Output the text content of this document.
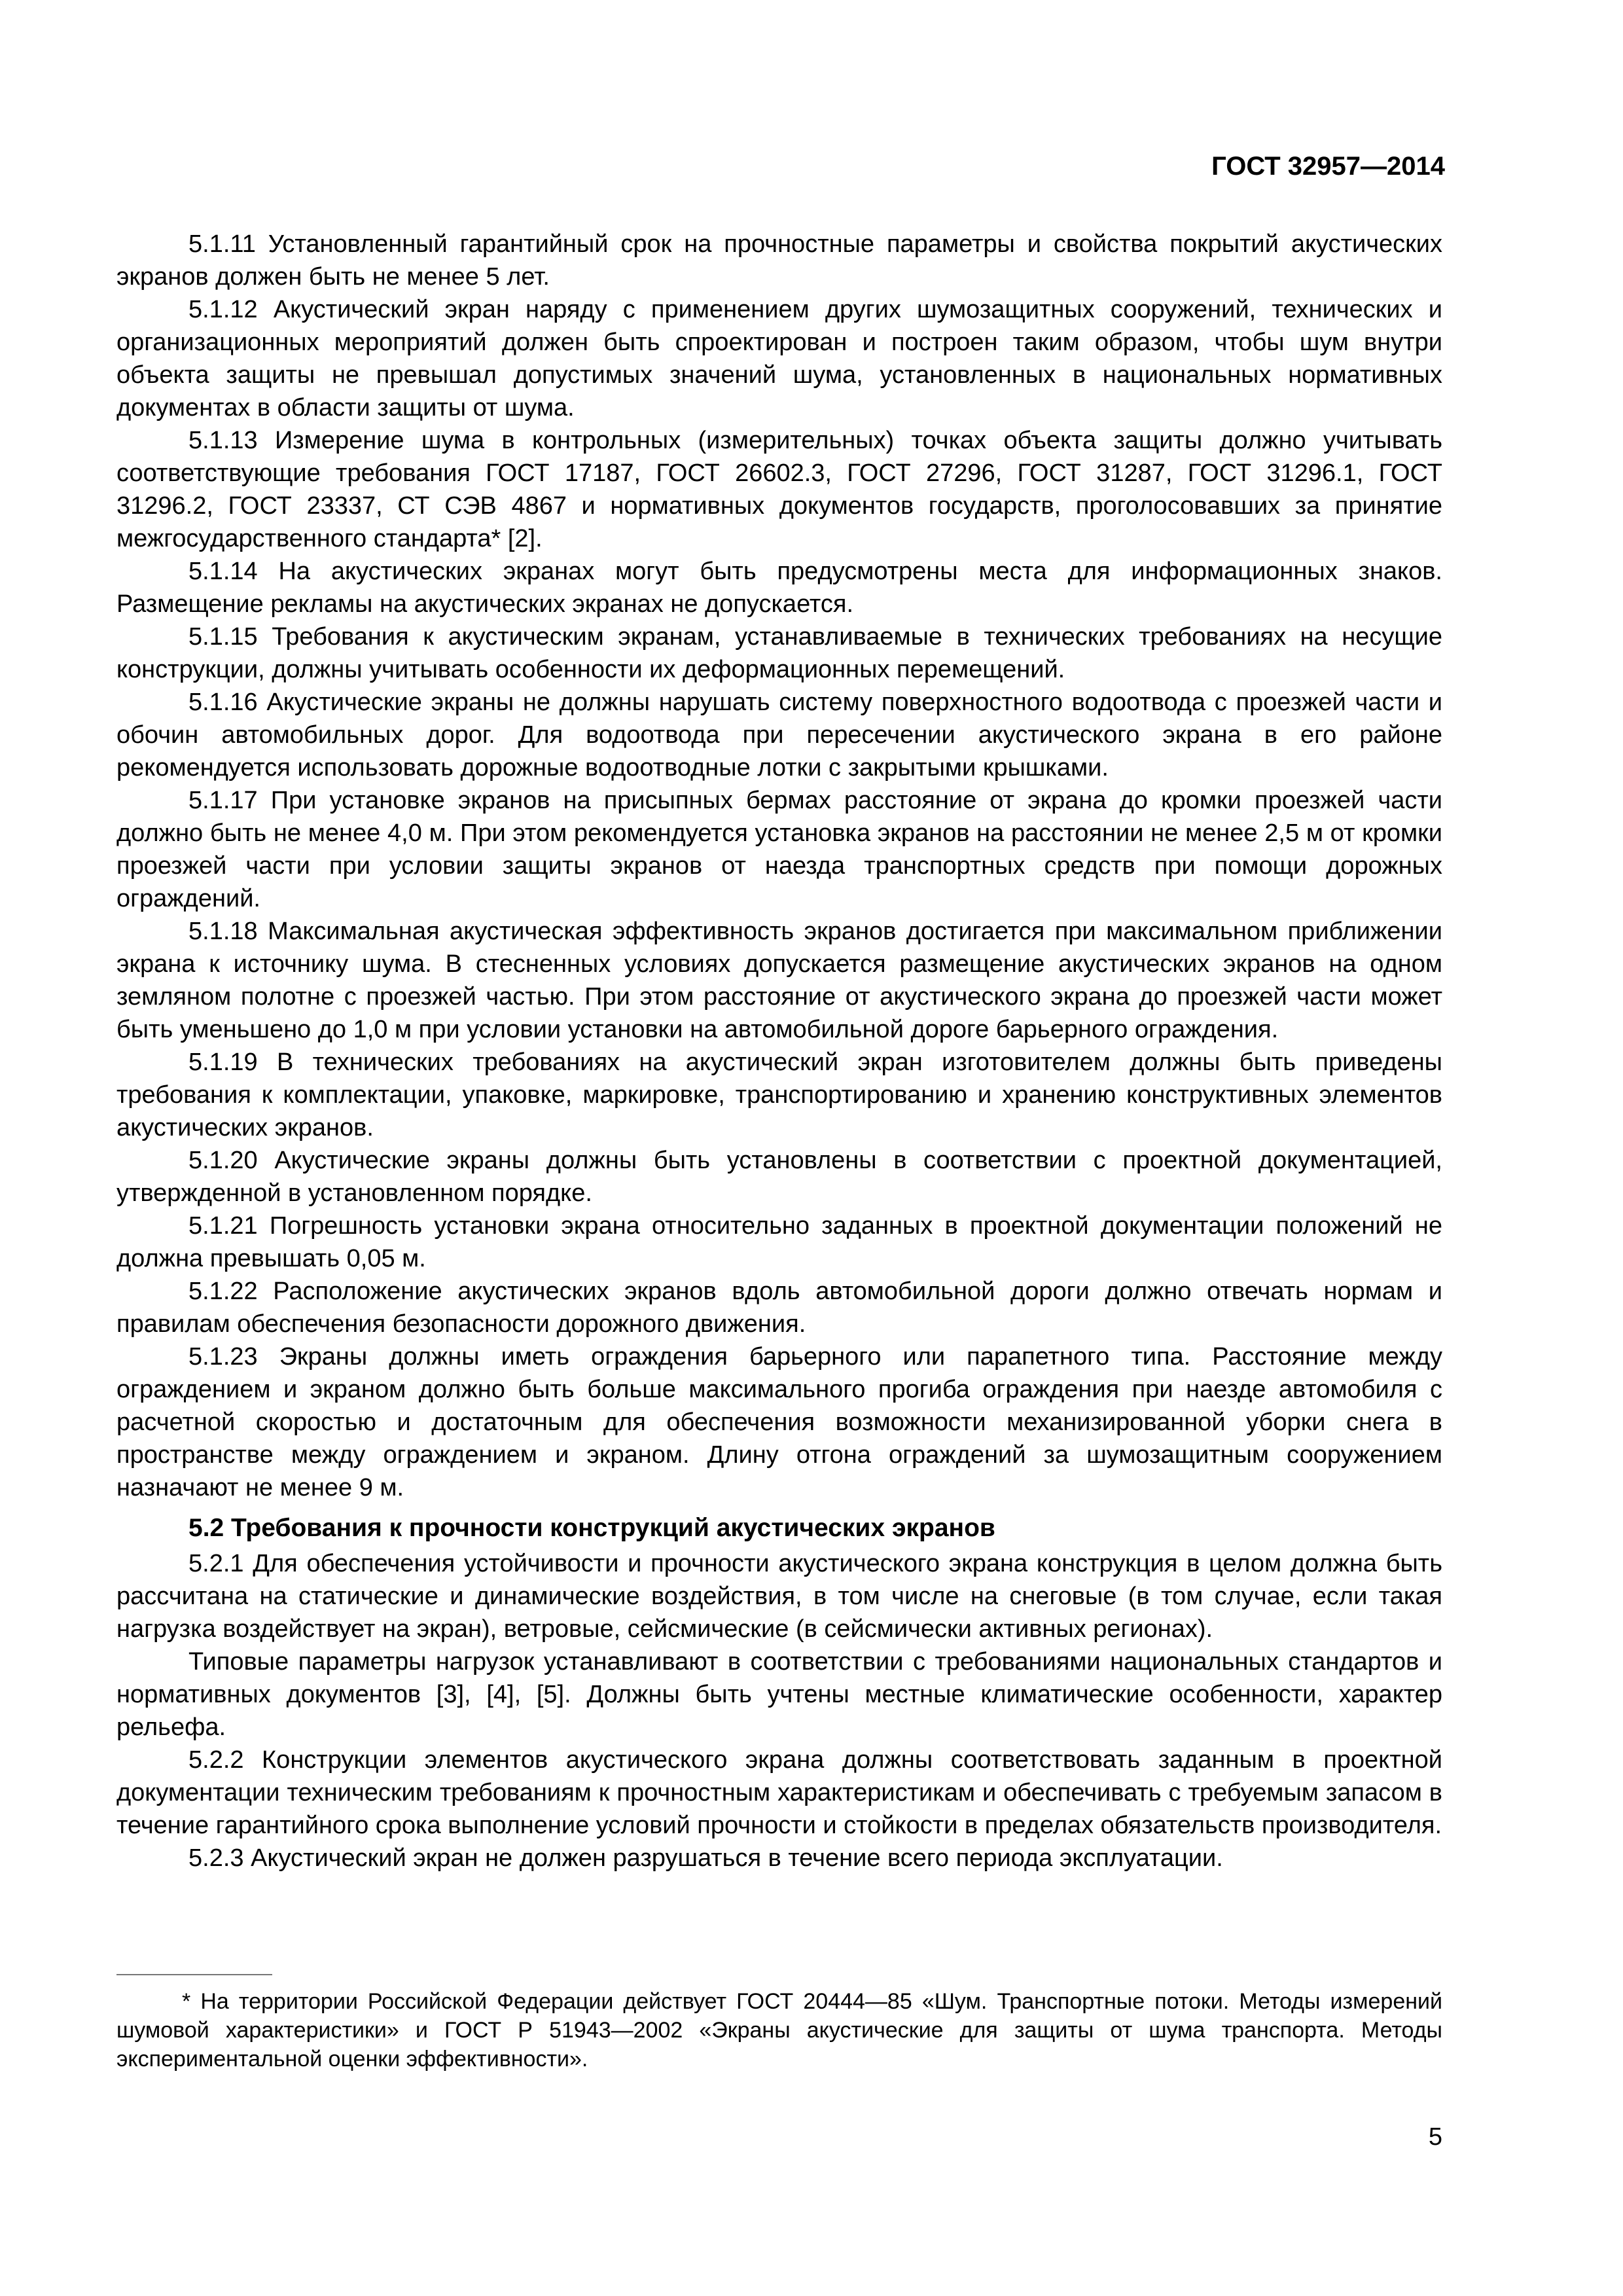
ГОСТ 32957—2014

5.1.11 Установленный гарантийный срок на прочностные параметры и свойства покрытий акустических экранов должен быть не менее 5 лет.

5.1.12 Акустический экран наряду с применением других шумозащитных сооружений, технических и организационных мероприятий должен быть спроектирован и построен таким образом, чтобы шум внутри объекта защиты не превышал допустимых значений шума, установленных в национальных нормативных документах в области защиты от шума.

5.1.13 Измерение шума в контрольных (измерительных) точках объекта защиты должно учитывать соответствующие требования ГОСТ 17187, ГОСТ 26602.3, ГОСТ 27296, ГОСТ 31287, ГОСТ 31296.1, ГОСТ 31296.2, ГОСТ 23337, СТ СЭВ 4867 и нормативных документов государств, проголосовавших за принятие межгосударственного стандарта* [2].

5.1.14 На акустических экранах могут быть предусмотрены места для информационных знаков. Размещение рекламы на акустических экранах не допускается.

5.1.15 Требования к акустическим экранам, устанавливаемые в технических требованиях на несущие конструкции, должны учитывать особенности их деформационных перемещений.

5.1.16 Акустические экраны не должны нарушать систему поверхностного водоотвода с проезжей части и обочин автомобильных дорог. Для водоотвода при пересечении акустического экрана в его районе рекомендуется использовать дорожные водоотводные лотки с закрытыми крышками.

5.1.17 При установке экранов на присыпных бермах расстояние от экрана до кромки проезжей части должно быть не менее 4,0 м. При этом рекомендуется установка экранов на расстоянии не менее 2,5 м от кромки проезжей части при условии защиты экранов от наезда транспортных средств при помощи дорожных ограждений.

5.1.18 Максимальная акустическая эффективность экранов достигается при максимальном приближении экрана к источнику шума. В стесненных условиях допускается размещение акустических экранов на одном земляном полотне с проезжей частью. При этом расстояние от акустического экрана до проезжей части может быть уменьшено до 1,0 м при условии установки на автомобильной дороге барьерного ограждения.

5.1.19 В технических требованиях на акустический экран изготовителем должны быть приведены требования к комплектации, упаковке, маркировке, транспортированию и хранению конструктивных элементов акустических экранов.

5.1.20 Акустические экраны должны быть установлены в соответствии с проектной документацией, утвержденной в установленном порядке.

5.1.21 Погрешность установки экрана относительно заданных в проектной документации положений не должна превышать 0,05 м.

5.1.22 Расположение акустических экранов вдоль автомобильной дороги должно отвечать нормам и правилам обеспечения безопасности дорожного движения.

5.1.23 Экраны должны иметь ограждения барьерного или парапетного типа. Расстояние между ограждением и экраном должно быть больше максимального прогиба ограждения при наезде автомобиля с расчетной скоростью и достаточным для обеспечения возможности механизированной уборки снега в пространстве между ограждением и экраном. Длину отгона ограждений за шумозащитным сооружением назначают не менее 9 м.

5.2 Требования к прочности конструкций акустических экранов

5.2.1 Для обеспечения устойчивости и прочности акустического экрана конструкция в целом должна быть рассчитана на статические и динамические воздействия, в том числе на снеговые (в том случае, если такая нагрузка воздействует на экран), ветровые, сейсмические (в сейсмически активных регионах).

Типовые параметры нагрузок устанавливают в соответствии с требованиями национальных стандартов и нормативных документов [3], [4], [5]. Должны быть учтены местные климатические особенности, характер рельефа.

5.2.2 Конструкции элементов акустического экрана должны соответствовать заданным в проектной документации техническим требованиям к прочностным характеристикам и обеспечивать с требуемым запасом в течение гарантийного срока выполнение условий прочности и стойкости в пределах обязательств производителя.

5.2.3 Акустический экран не должен разрушаться в течение всего периода эксплуатации.

* На территории Российской Федерации действует ГОСТ 20444—85 «Шум. Транспортные потоки. Методы измерений шумовой характеристики» и ГОСТ Р 51943—2002 «Экраны акустические для защиты от шума транспорта. Методы экспериментальной оценки эффективности».
5
